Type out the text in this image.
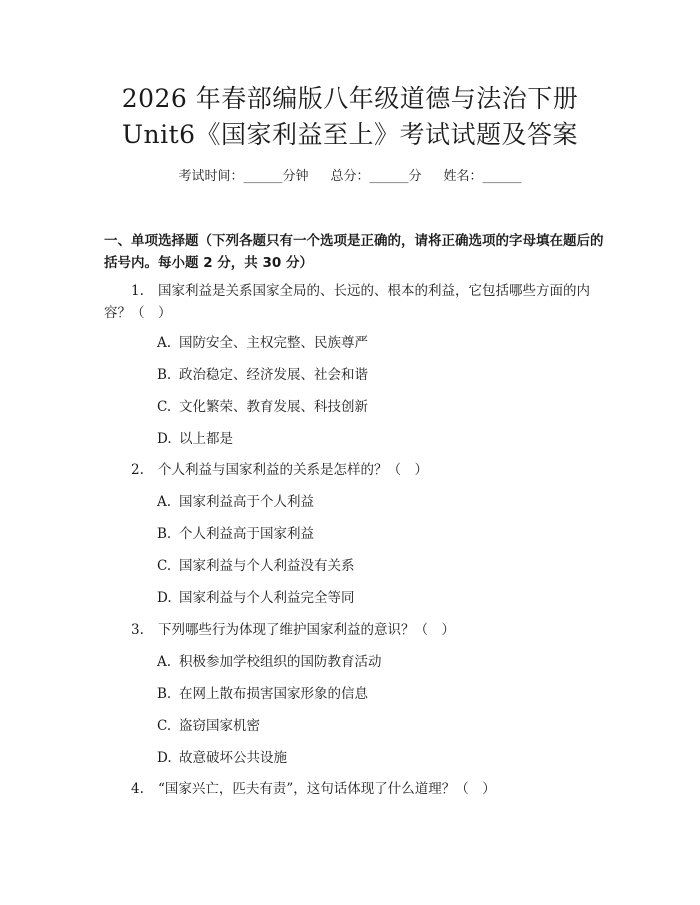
2026 年春部编版八年级道德与法治下册
Unit6《国家利益至上》考试试题及答案
考试时间：______分钟 总分：______分 姓名：______
一、单项选择题（下列各题只有一个选项是正确的，请将正确选项的字母填在题后的括号内。每小题 2 分，共 30 分）
1.	国家利益是关系国家全局的、长远的、根本的利益，它包括哪些方面的内容？（　）
A. 国防安全、主权完整、民族尊严
B. 政治稳定、经济发展、社会和谐
C. 文化繁荣、教育发展、科技创新
D. 以上都是
2.	个人利益与国家利益的关系是怎样的？（　）
A. 国家利益高于个人利益
B. 个人利益高于国家利益
C. 国家利益与个人利益没有关系
D. 国家利益与个人利益完全等同
3.	下列哪些行为体现了维护国家利益的意识？（　）
A. 积极参加学校组织的国防教育活动
B. 在网上散布损害国家形象的信息
C. 盗窃国家机密
D. 故意破坏公共设施
4.	“国家兴亡，匹夫有责”，这句话体现了什么道理？（　）
